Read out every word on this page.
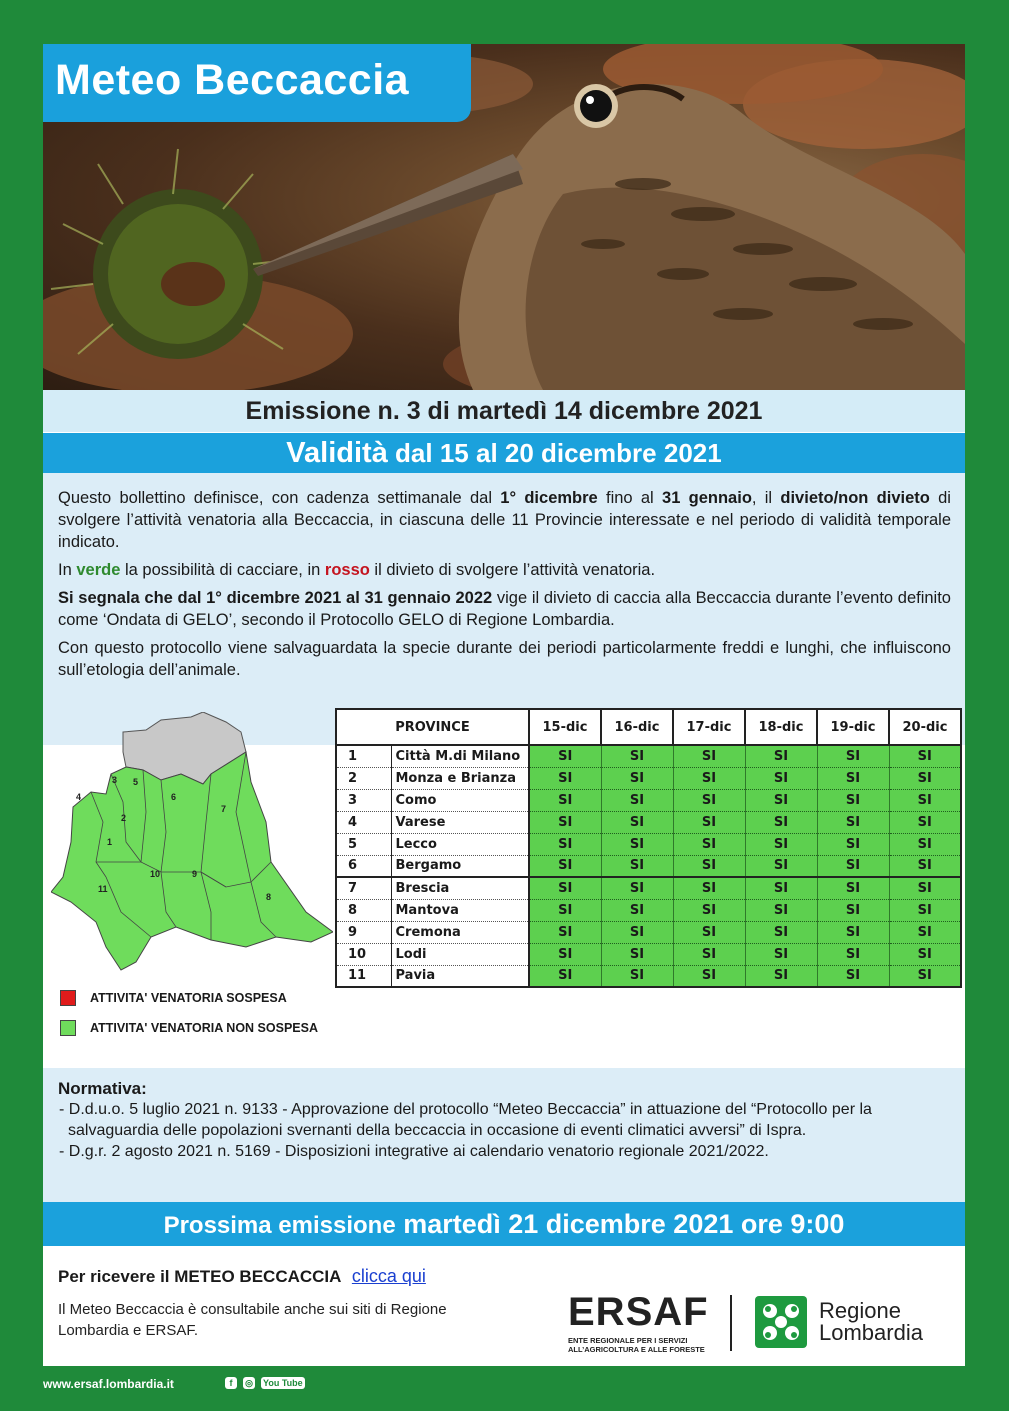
Meteo Beccaccia
Emissione n. 3 di martedì 14 dicembre 2021
Validità dal 15 al 20 dicembre 2021

Questo bollettino definisce, con cadenza settimanale dal 1° dicembre fino al 31 gennaio, il divieto/non divieto di svolgere l’attività venatoria alla Beccaccia, in ciascuna delle 11 Provincie interessate e nel periodo di validità temporale indicato.

In verde la possibilità di cacciare, in rosso il divieto di svolgere l’attività venatoria.

Si segnala che dal 1° dicembre 2021 al 31 gennaio 2022 vige il divieto di caccia alla Beccaccia durante l’evento definito come ‘Ondata di GELO’, secondo il Protocollo GELO di Regione Lombardia.

Con questo protocollo viene salvaguardata la specie durante dei periodi particolarmente freddi e lunghi, che influiscono sull’etologia dell’animale.

1
2
3
4
5
6
7
8
9
10
11
ATTIVITA' VENATORIA SOSPESA
ATTIVITA' VENATORIA NON SOSPESA
PROVINCE		15-dic	16-dic	17-dic	18-dic	19-dic	20-dic
1	Città M.di Milano	SI	SI	SI	SI	SI	SI
2	Monza e Brianza	SI	SI	SI	SI	SI	SI
3	Como	SI	SI	SI	SI	SI	SI
4	Varese	SI	SI	SI	SI	SI	SI
5	Lecco	SI	SI	SI	SI	SI	SI
6	Bergamo	SI	SI	SI	SI	SI	SI
7	Brescia	SI	SI	SI	SI	SI	SI
8	Mantova	SI	SI	SI	SI	SI	SI
9	Cremona	SI	SI	SI	SI	SI	SI
10	Lodi	SI	SI	SI	SI	SI	SI
11	Pavia	SI	SI	SI	SI	SI	SI
Normativa:
- D.d.u.o. 5 luglio 2021 n. 9133 - Approvazione del protocollo “Meteo Beccaccia” in attuazione del “Protocollo per la salvaguardia delle popolazioni svernanti della beccaccia in occasione di eventi climatici avversi” di Ispra.
- D.g.r. 2 agosto 2021 n. 5169 - Disposizioni integrative ai calendario venatorio regionale 2021/2022.
Prossima emissione martedì 21 dicembre 2021 ore 9:00
Per ricevere il METEO BECCACCIA clicca qui
Il Meteo Beccaccia è consultabile anche sui siti di Regione Lombardia e ERSAF.	ERSAF
ENTE REGIONALE PER I SERVIZI ALL’AGRICOLTURA E ALLE FORESTE
Regione
Lombardia
www.ersaf.lombardia.it	f	◎ You Tube
